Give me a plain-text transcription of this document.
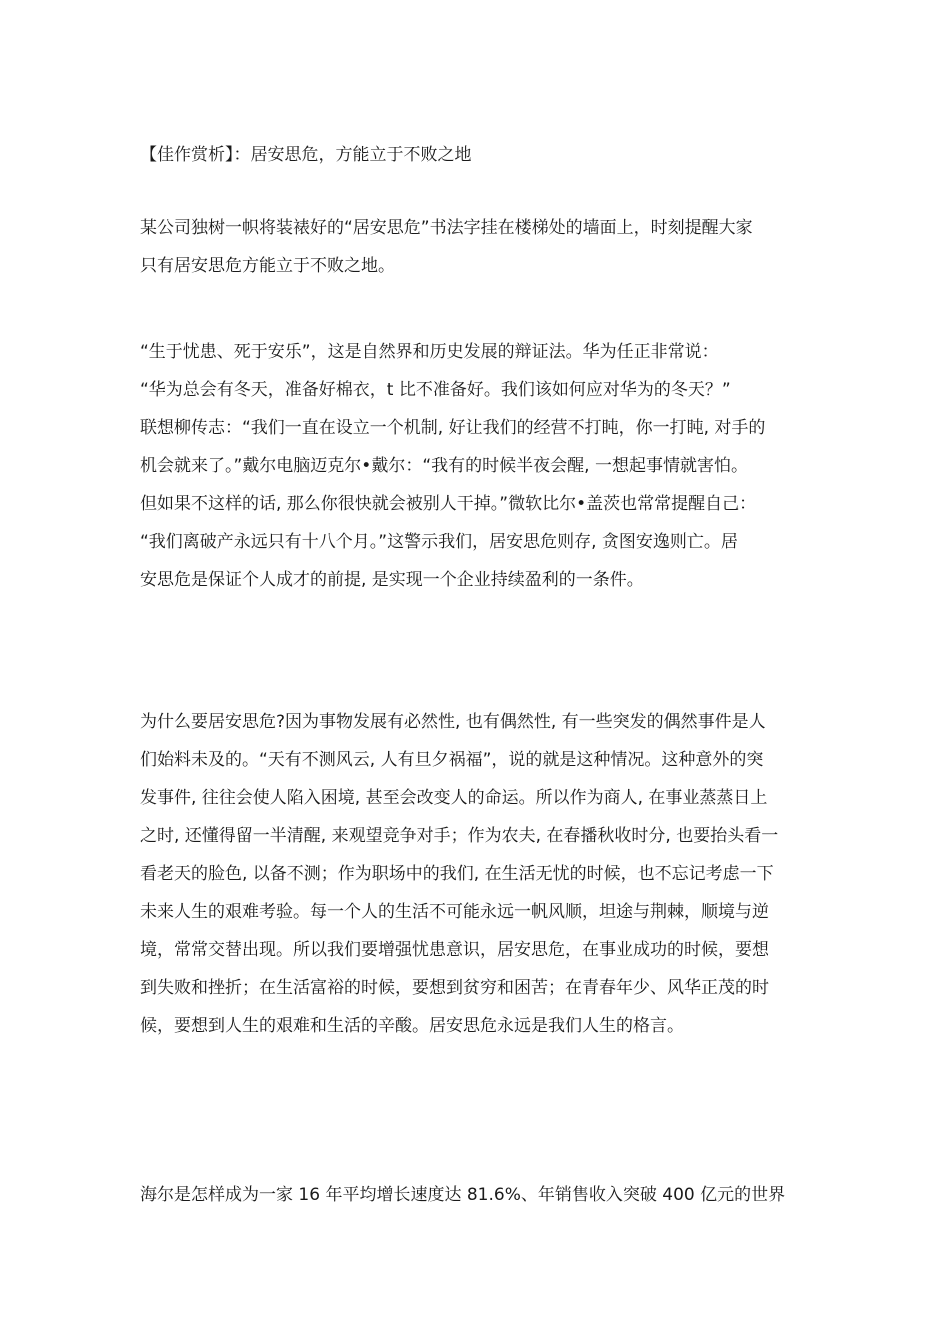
【佳作赏析】：居安思危，方能立于不败之地
某公司独树一帜将装裱好的“居安思危”书法字挂在楼梯处的墙面上，时刻提醒大家
只有居安思危方能立于不败之地。
“生于忧患、死于安乐”，这是自然界和历史发展的辩证法。华为任正非常说：
“华为总会有冬天，准备好棉衣，t 比不准备好。我们该如何应对华为的冬天？”
联想柳传志：“我们一直在设立一个机制, 好让我们的经营不打盹，你一打盹, 对手的
机会就来了。”戴尔电脑迈克尔•戴尔：“我有的时候半夜会醒, 一想起事情就害怕。
但如果不这样的话, 那么你很快就会被别人干掉。”微软比尔•盖茨也常常提醒自己：
“我们离破产永远只有十八个月。”这警示我们，居安思危则存, 贪图安逸则亡。居
安思危是保证个人成才的前提, 是实现一个企业持续盈利的一条件。
为什么要居安思危?因为事物发展有必然性, 也有偶然性, 有一些突发的偶然事件是人
们始料未及的。“天有不测风云, 人有旦夕祸福”，说的就是这种情况。这种意外的突
发事件, 往往会使人陷入困境, 甚至会改变人的命运。所以作为商人, 在事业蒸蒸日上
之时, 还懂得留一半清醒, 来观望竞争对手；作为农夫, 在春播秋收时分, 也要抬头看一
看老天的脸色, 以备不测；作为职场中的我们, 在生活无忧的时候，也不忘记考虑一下
未来人生的艰难考验。每一个人的生活不可能永远一帆风顺，坦途与荆棘，顺境与逆
境，常常交替出现。所以我们要增强忧患意识，居安思危，在事业成功的时候，要想
到失败和挫折；在生活富裕的时候，要想到贫穷和困苦；在青春年少、风华正茂的时
候，要想到人生的艰难和生活的辛酸。居安思危永远是我们人生的格言。
海尔是怎样成为一家 16 年平均增长速度达 81.6%、年销售收入突破 400 亿元的世界
